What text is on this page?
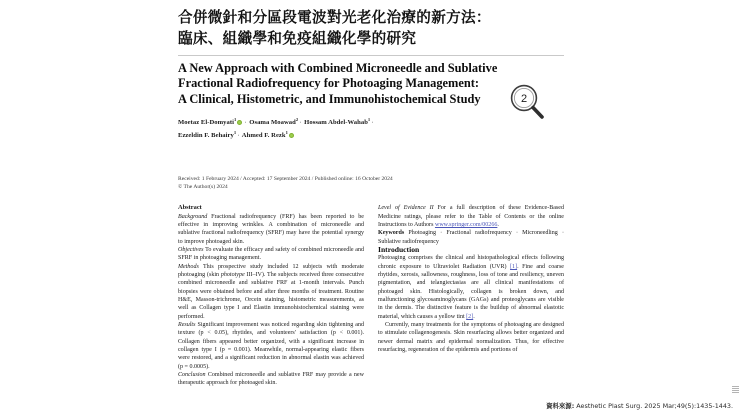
合併微針和分區段電波對光老化治療的新方法：
臨床、組織學和免疫組織化學的研究
A New Approach with Combined Microneedle and Sublative
Fractional Radiofrequency for Photoaging Management:
A Clinical, Histometric, and Immunohistochemical Study
Moetaz El-Domyati$^1$ · Osama Moawad$^2$· Hossam Abdel-Wahab$^1$·
Ezzeldin F. Behairy$^1$· Ahmed F. Rezk$^1$
Received: 1 February 2024 / Accepted: 17 September 2024 / Published online: 16 October 2024
© The Author(s) 2024

Abstract

Background Fractional radiofrequency (FRF) has been reported to be effective in improving wrinkles. A combination of microneedle and sublative fractional radiofrequency (SFRF) may have the potential synergy to improve photoaged skin.

Objectives To evaluate the efficacy and safety of combined microneedle and SFRF in photoaging management.

Methods This prospective study included 12 subjects with moderate photoaging (skin phototype III–IV). The subjects received three consecutive combined microneedle and sublative FRF at 1-month intervals. Punch biopsies were obtained before and after three months of treatment. Routine H&E, Masson-trichrome, Orcein staining, histometric measurements, as well as Collagen type I and Elastin immunohistochemical staining were performed.

Results Significant improvement was noticed regarding skin tightening and texture (p < 0.05), rhytides, and volunteers' satisfaction (p < 0.001). Collagen fibers appeared better organized, with a significant increase in collagen type I (p = 0.001). Meanwhile, normal-appearing elastic fibers were restored, and a significant reduction in abnormal elastin was achieved (p = 0.0005).

Conclusion Combined microneedle and sublative FRF may provide a new therapeutic approach for photoaged skin.

Level of Evidence II For a full description of these Evidence-Based Medicine ratings, please refer to the Table of Contents or the online Instructions to Authors www.springer.com/00266.

Keywords Photoaging · Fractional radiofrequency · Microneedling · Sublative radiofrequency

Introduction

Photoaging comprises the clinical and histopathological effects following chronic exposure to Ultraviolet Radiation (UVR) [1]. Fine and coarse rhytides, xerosis, sallowness, roughness, loss of tone and resiliency, uneven pigmentation, and telangiectasias are all clinical manifestations of photoaged skin. Histologically, collagen is broken down, and malfunctioning glycosaminoglycans (GAGs) and proteoglycans are visible in the dermis. The distinctive feature is the buildup of abnormal elastotic material, which causes a yellow tint [2].

Currently, many treatments for the symptoms of photoaging are designed to stimulate collagenogenesis. Skin resurfacing allows better organized and newer dermal matrix and epidermal normalization. Thus, for effective resurfacing, regeneration of the epidermis and portions of

2
資料來源: Aesthetic Plast Surg. 2025 Mar;49(5):1435-1443.
